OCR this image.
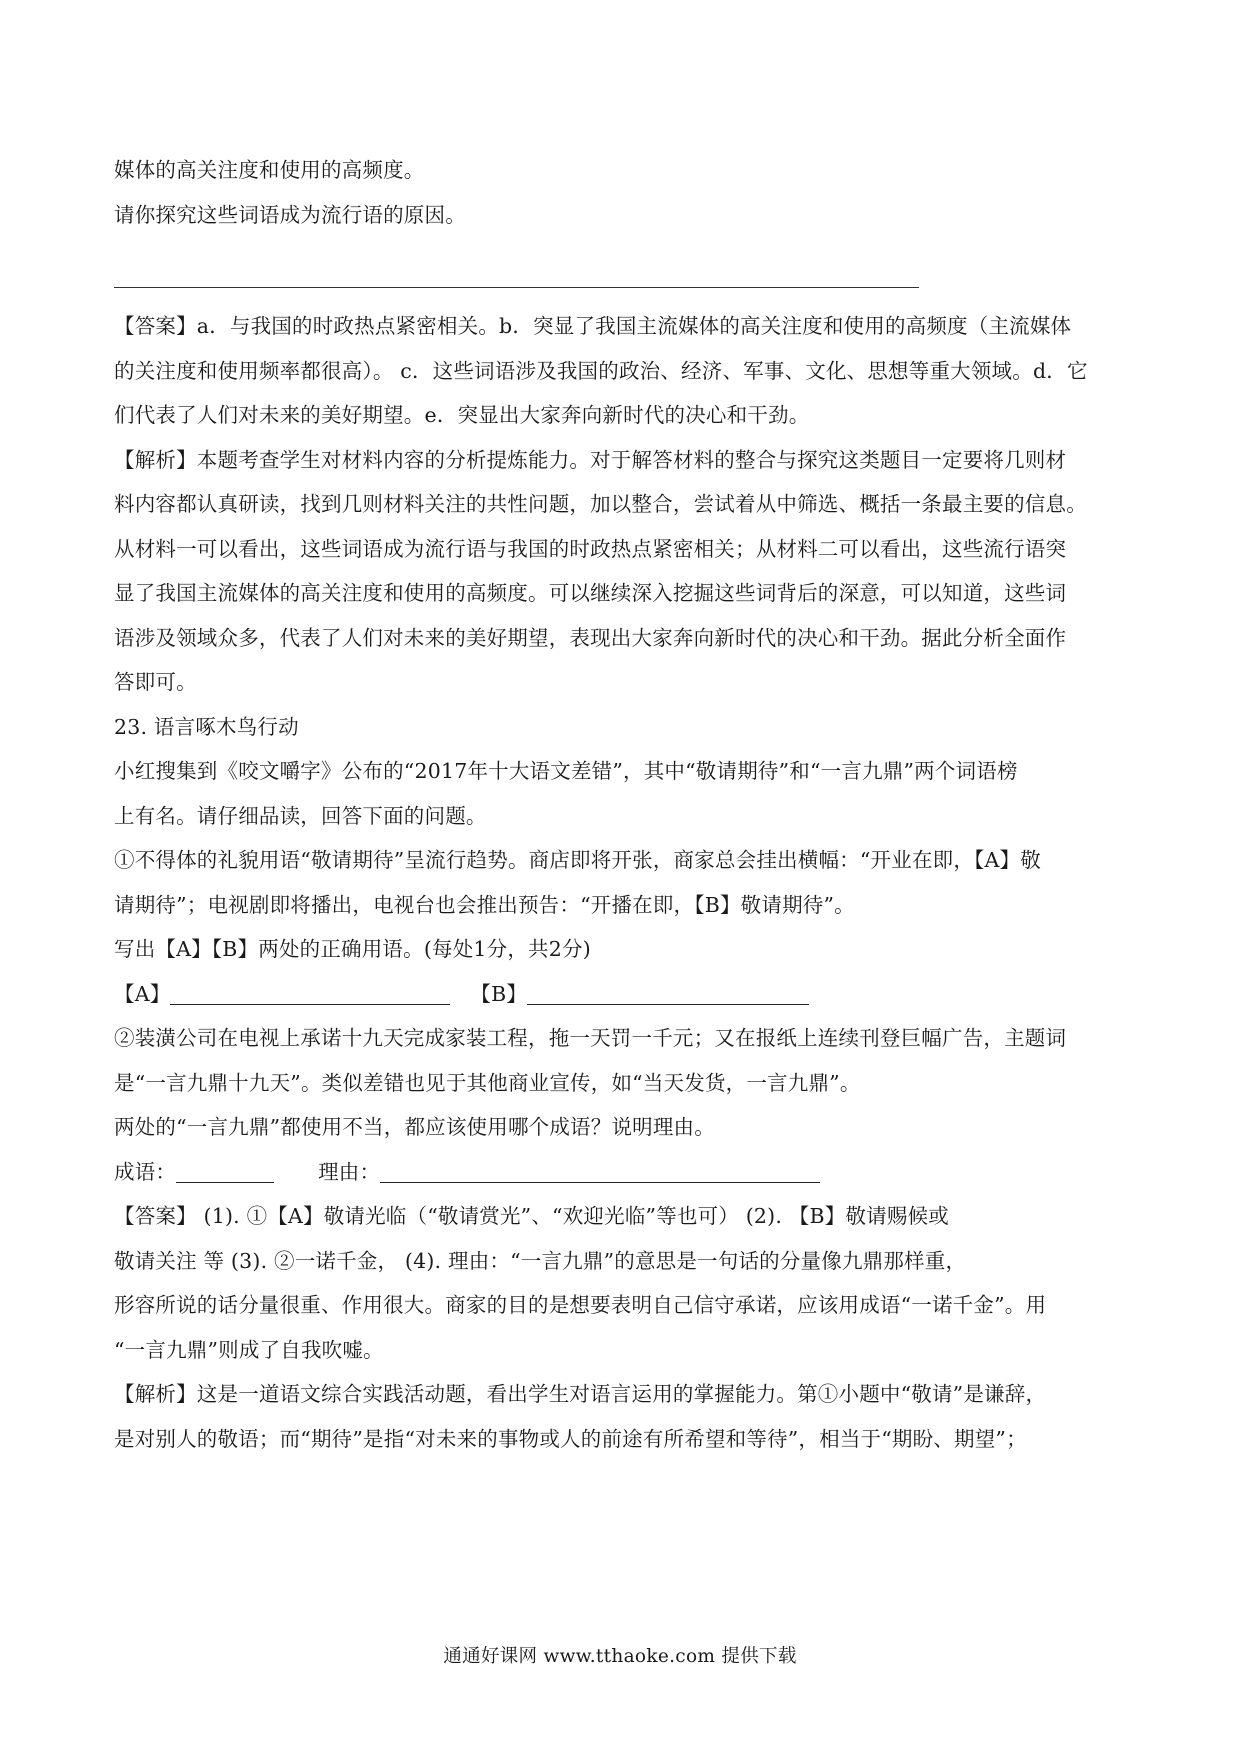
媒体的高关注度和使用的高频度。

请你探究这些词语成为流行语的原因。

【答案】a．与我国的时政热点紧密相关。b．突显了我国主流媒体的高关注度和使用的高频度（主流媒体

的关注度和使用频率都很高）。 c．这些词语涉及我国的政治、经济、军事、文化、思想等重大领域。d．它

们代表了人们对未来的美好期望。e．突显出大家奔向新时代的决心和干劲。

【解析】本题考查学生对材料内容的分析提炼能力。对于解答材料的整合与探究这类题目一定要将几则材

料内容都认真研读，找到几则材料关注的共性问题，加以整合，尝试着从中筛选、概括一条最主要的信息。

从材料一可以看出，这些词语成为流行语与我国的时政热点紧密相关；从材料二可以看出，这些流行语突

显了我国主流媒体的高关注度和使用的高频度。可以继续深入挖掘这些词背后的深意，可以知道，这些词

语涉及领域众多，代表了人们对未来的美好期望，表现出大家奔向新时代的决心和干劲。据此分析全面作

答即可。

23. 语言啄木鸟行动

小红搜集到《咬文嚼字》公布的“2017年十大语文差错”，其中“敬请期待”和“一言九鼎”两个词语榜

上有名。请仔细品读，回答下面的问题。

①不得体的礼貌用语“敬请期待”呈流行趋势。商店即将开张，商家总会挂出横幅：“开业在即，【A】敬

请期待”；电视剧即将播出，电视台也会推出预告：“开播在即，【B】敬请期待”。

写出【A】【B】两处的正确用语。(每处1分，共2分)

【A】	【B】

②装潢公司在电视上承诺十九天完成家装工程，拖一天罚一千元；又在报纸上连续刊登巨幅广告，主题词

是“一言九鼎十九天”。类似差错也见于其他商业宣传，如“当天发货，一言九鼎”。

两处的“一言九鼎”都使用不当，都应该使用哪个成语？说明理由。

成语：	理由：

【答案】 (1). ①【A】敬请光临（“敬请赏光”、“欢迎光临”等也可） (2). 【B】敬请赐候或

敬请关注 等 (3). ②一诺千金， (4). 理由：“一言九鼎”的意思是一句话的分量像九鼎那样重，

形容所说的话分量很重、作用很大。商家的目的是想要表明自己信守承诺，应该用成语“一诺千金”。用

“一言九鼎”则成了自我吹嘘。

【解析】这是一道语文综合实践活动题，看出学生对语言运用的掌握能力。第①小题中“敬请”是谦辞，

是对别人的敬语；而“期待”是指“对未来的事物或人的前途有所希望和等待”，相当于“期盼、期望”；

通通好课网 www.tthaoke.com 提供下载
